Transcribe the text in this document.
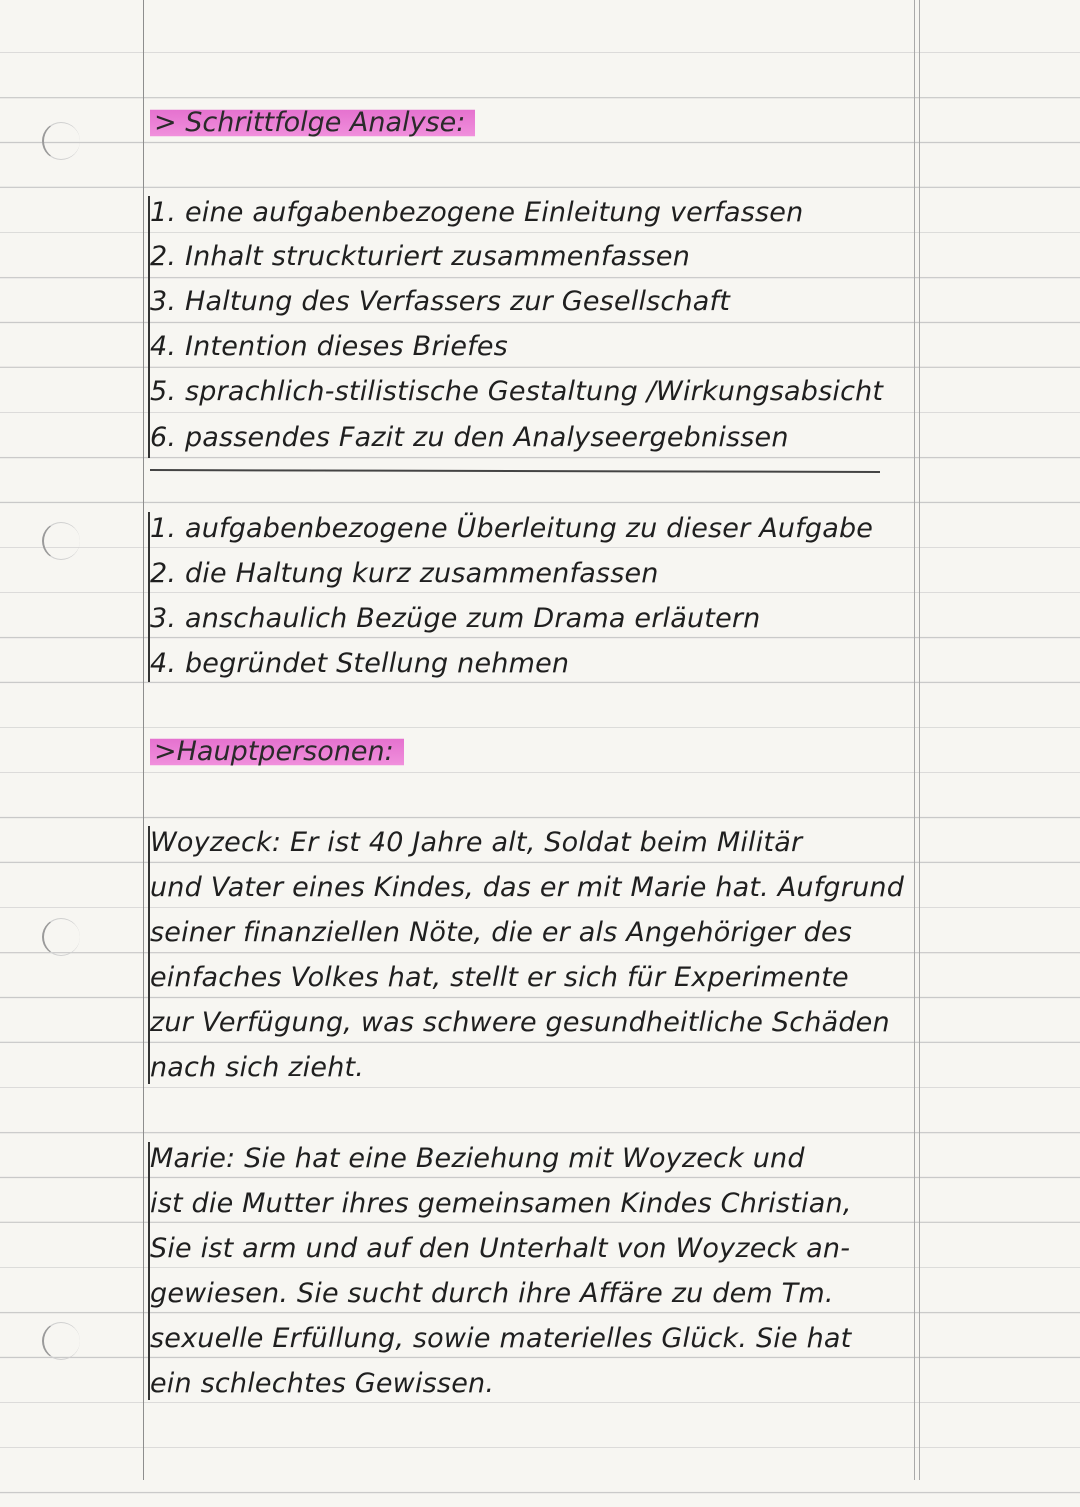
> Schrittfolge Analyse:
1. eine aufgabenbezogene Einleitung verfassen
2. Inhalt struckturiert zusammenfassen
3. Haltung des Verfassers zur Gesellschaft
4. Intention dieses Briefes
5. sprachlich-stilistische Gestaltung /Wirkungsabsicht
6. passendes Fazit zu den Analyseergebnissen
1. aufgabenbezogene Überleitung zu dieser Aufgabe
2. die Haltung kurz zusammenfassen
3. anschaulich Bezüge zum Drama erläutern
4. begründet Stellung nehmen
>Hauptpersonen:
Woyzeck: Er ist 40 Jahre alt, Soldat beim Militär
und Vater eines Kindes, das er mit Marie hat. Aufgrund
seiner finanziellen Nöte, die er als Angehöriger des
einfaches Volkes hat, stellt er sich für Experimente
zur Verfügung, was schwere gesundheitliche Schäden
nach sich zieht.
Marie: Sie hat eine Beziehung mit Woyzeck und
ist die Mutter ihres gemeinsamen Kindes Christian,
Sie ist arm und auf den Unterhalt von Woyzeck an-
gewiesen. Sie sucht durch ihre Affäre zu dem Tm.
sexuelle Erfüllung, sowie materielles Glück. Sie hat
ein schlechtes Gewissen.
